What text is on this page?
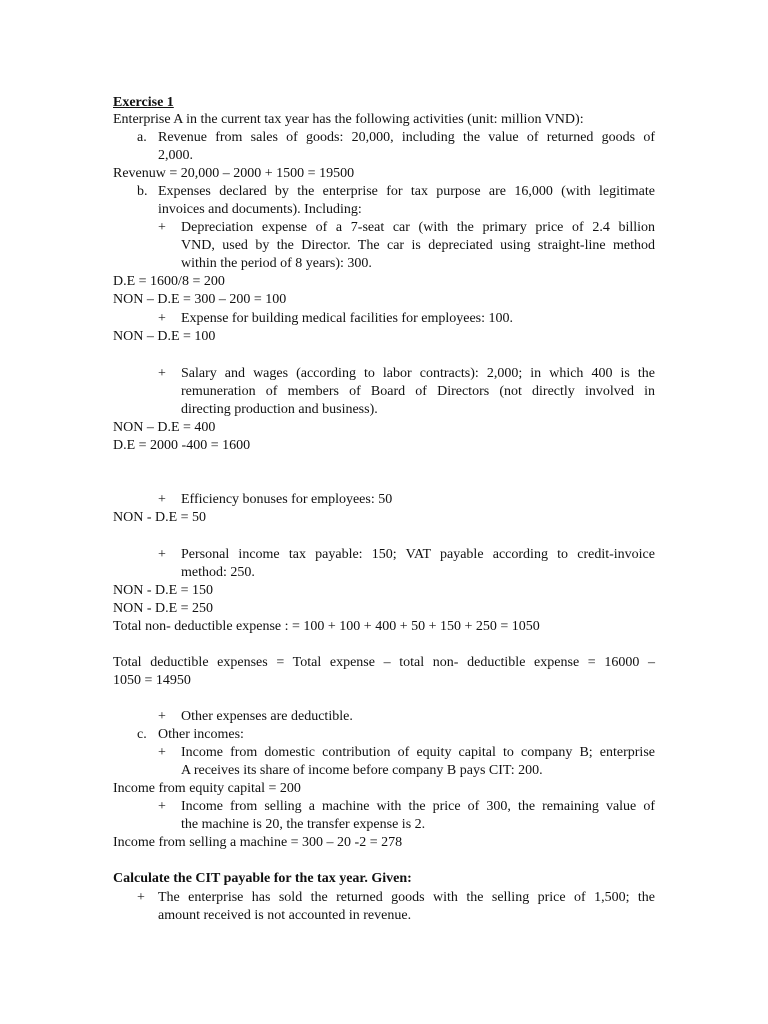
Exercise 1
Enterprise A in the current tax year has the following activities (unit: million VND):
a. Revenue from sales of goods: 20,000, including the value of returned goods of
2,000.
Revenuw = 20,000 – 2000 + 1500 = 19500
b. Expenses declared by the enterprise for tax purpose are 16,000 (with legitimate
invoices and documents). Including:
+ Depreciation expense of a 7-seat car (with the primary price of 2.4 billion
VND, used by the Director. The car is depreciated using straight-line method
within the period of 8 years): 300.
D.E = 1600/8 = 200
NON – D.E = 300 – 200 = 100
+ Expense for building medical facilities for employees: 100.
NON – D.E = 100
+ Salary and wages (according to labor contracts): 2,000; in which 400 is the
remuneration of members of Board of Directors (not directly involved in
directing production and business).
NON – D.E = 400
D.E = 2000 -400 = 1600
+ Efficiency bonuses for employees: 50
NON - D.E = 50
+ Personal income tax payable: 150; VAT payable according to credit-invoice
method: 250.
NON - D.E = 150
NON - D.E = 250
Total non- deductible expense : = 100 + 100 + 400 + 50 + 150 + 250 = 1050
Total deductible expenses = Total expense – total non- deductible expense = 16000 –
1050 = 14950
+ Other expenses are deductible.
c. Other incomes:
+ Income from domestic contribution of equity capital to company B; enterprise
A receives its share of income before company B pays CIT: 200.
Income from equity capital = 200
+ Income from selling a machine with the price of 300, the remaining value of
the machine is 20, the transfer expense is 2.
Income from selling a machine = 300 – 20 -2 = 278
Calculate the CIT payable for the tax year. Given:
+ The enterprise has sold the returned goods with the selling price of 1,500; the
amount received is not accounted in revenue.
